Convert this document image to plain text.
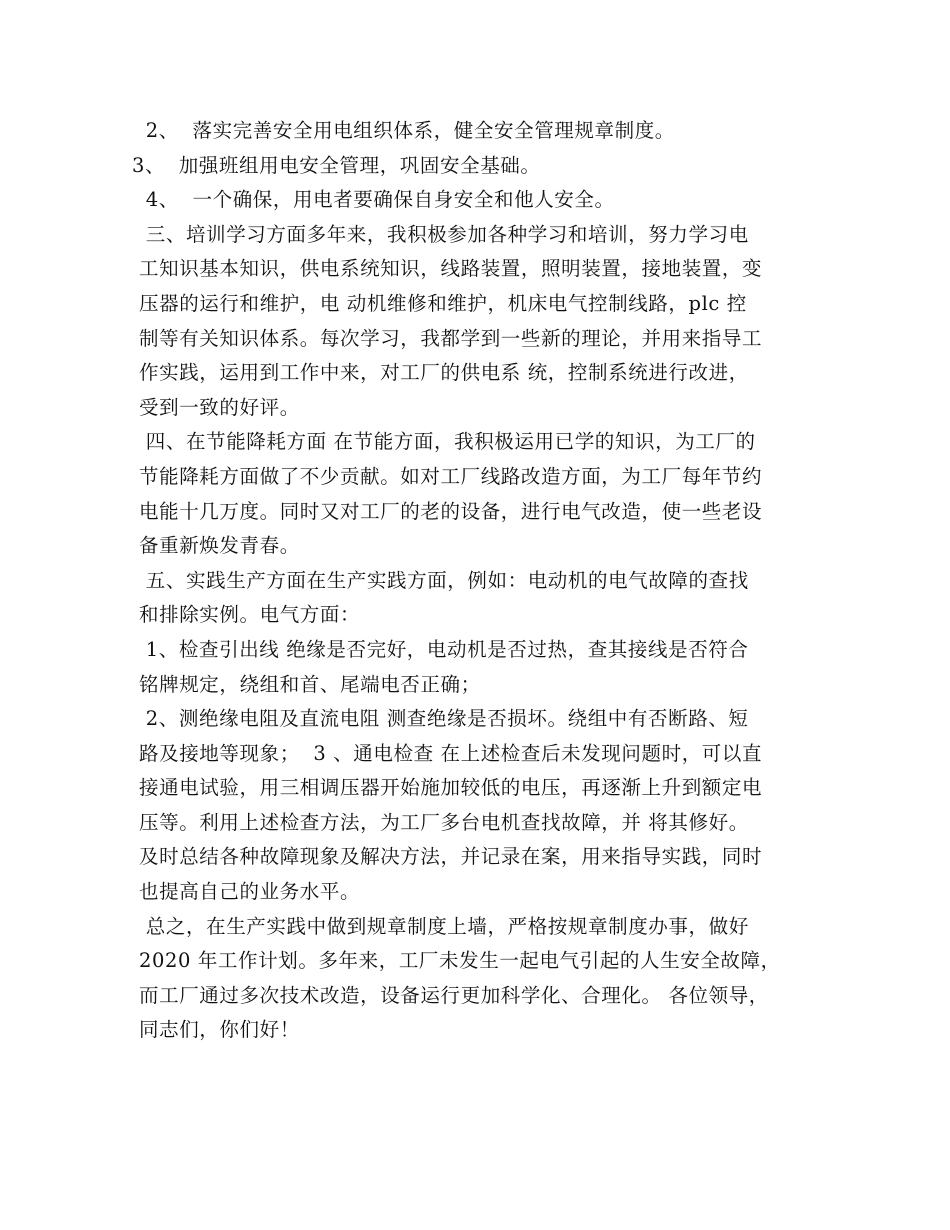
2、  落实完善安全用电组织体系，健全安全管理规章制度。
3、  加强班组用电安全管理，巩固安全基础。
4、  一个确保，用电者要确保自身安全和他人安全。
三、培训学习方面多年来，我积极参加各种学习和培训，努力学习电
工知识基本知识，供电系统知识，线路装置，照明装置，接地装置，变
压器的运行和维护，电 动机维修和维护，机床电气控制线路，plc 控
制等有关知识体系。每次学习，我都学到一些新的理论，并用来指导工
作实践，运用到工作中来，对工厂的供电系 统，控制系统进行改进，
受到一致的好评。
四、在节能降耗方面 在节能方面，我积极运用已学的知识，为工厂的
节能降耗方面做了不少贡献。如对工厂线路改造方面，为工厂每年节约
电能十几万度。同时又对工厂的老的设备，进行电气改造，使一些老设
备重新焕发青春。
五、实践生产方面在生产实践方面，例如：电动机的电气故障的查找
和排除实例。电气方面：
1、检查引出线 绝缘是否完好，电动机是否过热，查其接线是否符合
铭牌规定，绕组和首、尾端电否正确；
2、测绝缘电阻及直流电阻 测查绝缘是否损坏。绕组中有否断路、短
路及接地等现象；  3 、通电检查 在上述检查后未发现问题时，可以直
接通电试验，用三相调压器开始施加较低的电压，再逐渐上升到额定电
压等。利用上述检查方法，为工厂多台电机查找故障，并 将其修好。
及时总结各种故障现象及解决方法，并记录在案，用来指导实践，同时
也提高自己的业务水平。
总之，在生产实践中做到规章制度上墙，严格按规章制度办事，做好
2020 年工作计划。多年来，工厂未发生一起电气引起的人生安全故障，
而工厂通过多次技术改造，设备运行更加科学化、合理化。 各位领导，
同志们，你们好！
